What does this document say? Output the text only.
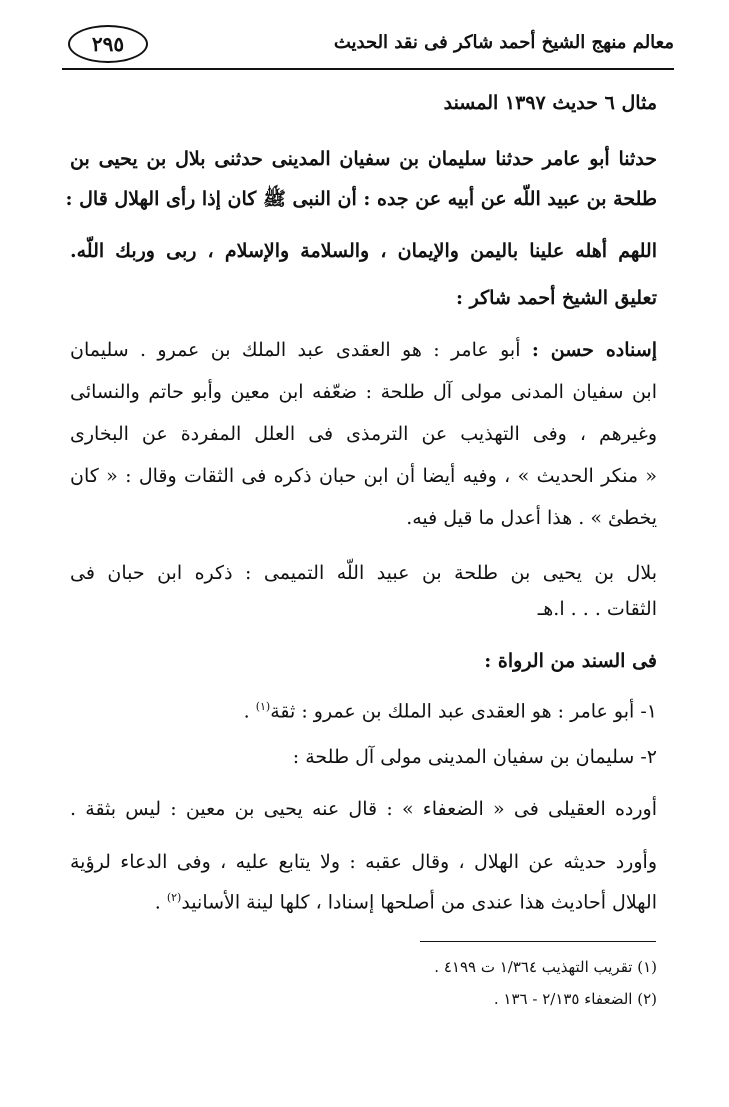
معالم منهج الشيخ أحمد شاكر فى نقد الحديث
٢٩٥
مثال ٦ حديث ١٣٩٧ المسند
حدثنا أبو عامر حدثنا سليمان بن سفيان المدينى حدثنى بلال بن يحيى بن
طلحة بن عبيد اللّه عن أبيه عن جده : أن النبى ﷺ كان إذا رأى الهلال قال :
اللهم أهله علينا باليمن والإيمان ، والسلامة والإسلام ، ربى وربك اللّه.
تعليق الشيخ أحمد شاكر :
إسناده حسن : أبو عامر : هو العقدى عبد الملك بن عمرو . سليمان
ابن سفيان المدنى مولى آل طلحة : ضعّفه ابن معين وأبو حاتم والنسائى
وغيرهم ، وفى التهذيب عن الترمذى فى العلل المفردة عن البخارى
« منكر الحديث » ، وفيه أيضا أن ابن حبان ذكره فى الثقات وقال : « كان
يخطئ » . هذا أعدل ما قيل فيه.
بلال بن يحيى بن طلحة بن عبيد اللّه التميمى : ذكره ابن حبان فى
الثقات . . . ا.هـ
فى السند من الرواة :
١- أبو عامر : هو العقدى عبد الملك بن عمرو : ثقة$^{(١)}$ .
٢- سليمان بن سفيان المدينى مولى آل طلحة :
أورده العقيلى فى « الضعفاء » : قال عنه يحيى بن معين : ليس بثقة .
وأورد حديثه عن الهلال ، وقال عقبه : ولا يتابع عليه ، وفى الدعاء لرؤية
الهلال أحاديث هذا عندى من أصلحها إسنادا ، كلها لينة الأسانيد$^{(٢)}$ .
(١) تقريب التهذيب ١/٣٦٤ ت ٤١٩٩ .
(٢) الضعفاء ٢/١٣٥ - ١٣٦ .
